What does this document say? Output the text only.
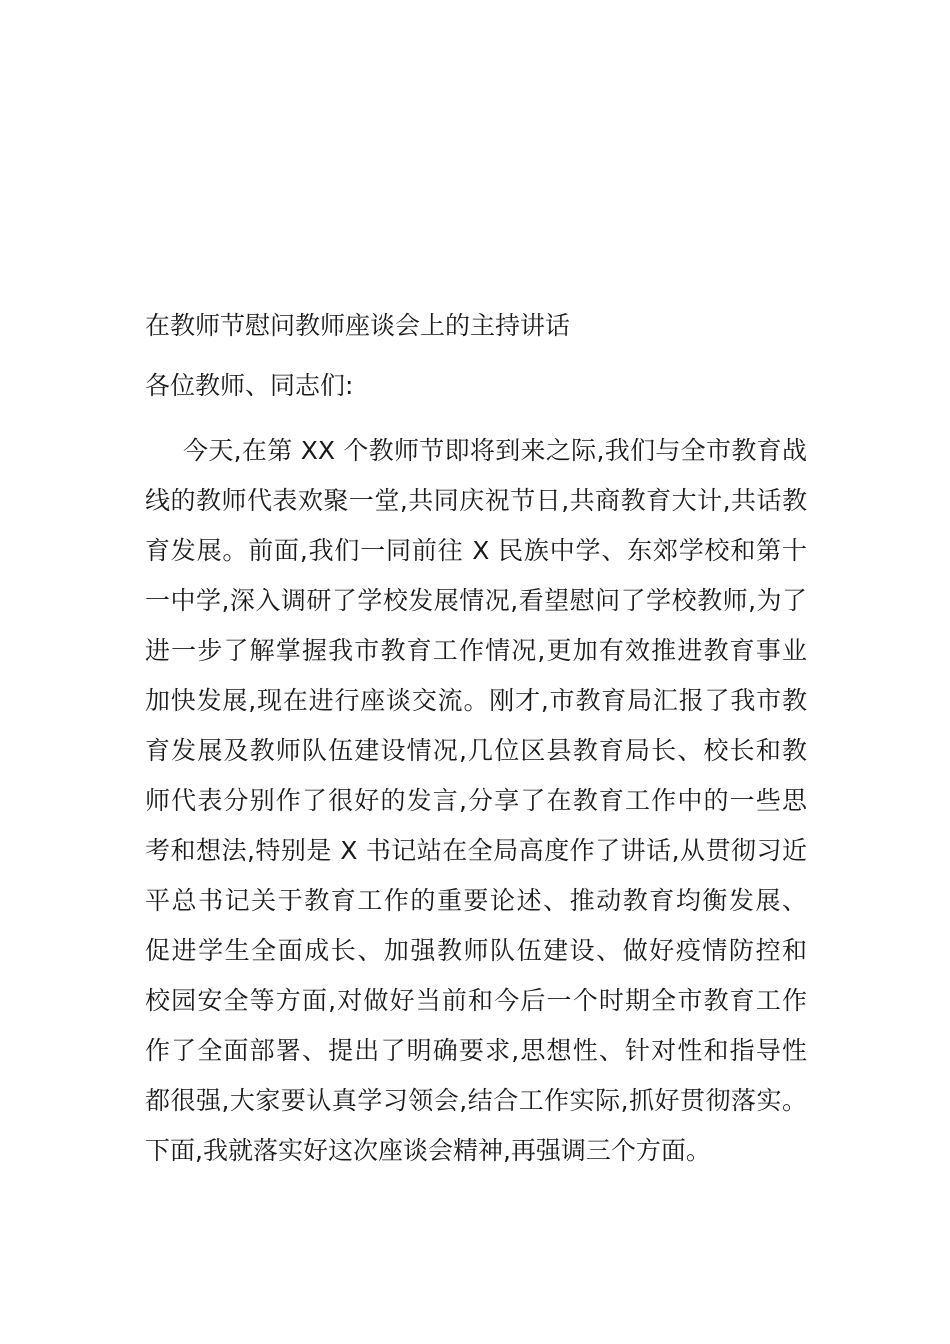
在教师节慰问教师座谈会上的主持讲话

各位教师、同志们:

今天,在第 XX 个教师节即将到来之际,我们与全市教育战
线的教师代表欢聚一堂,共同庆祝节日,共商教育大计,共话教
育发展。前面,我们一同前往 X 民族中学、东郊学校和第十
一中学,深入调研了学校发展情况,看望慰问了学校教师,为了
进一步了解掌握我市教育工作情况,更加有效推进教育事业
加快发展,现在进行座谈交流。刚才,市教育局汇报了我市教
育发展及教师队伍建设情况,几位区县教育局长、校长和教
师代表分别作了很好的发言,分享了在教育工作中的一些思
考和想法,特别是 X 书记站在全局高度作了讲话,从贯彻习近
平总书记关于教育工作的重要论述、推动教育均衡发展、
促进学生全面成长、加强教师队伍建设、做好疫情防控和
校园安全等方面,对做好当前和今后一个时期全市教育工作
作了全面部署、提出了明确要求,思想性、针对性和指导性
都很强,大家要认真学习领会,结合工作实际,抓好贯彻落实。
下面,我就落实好这次座谈会精神,再强调三个方面。
